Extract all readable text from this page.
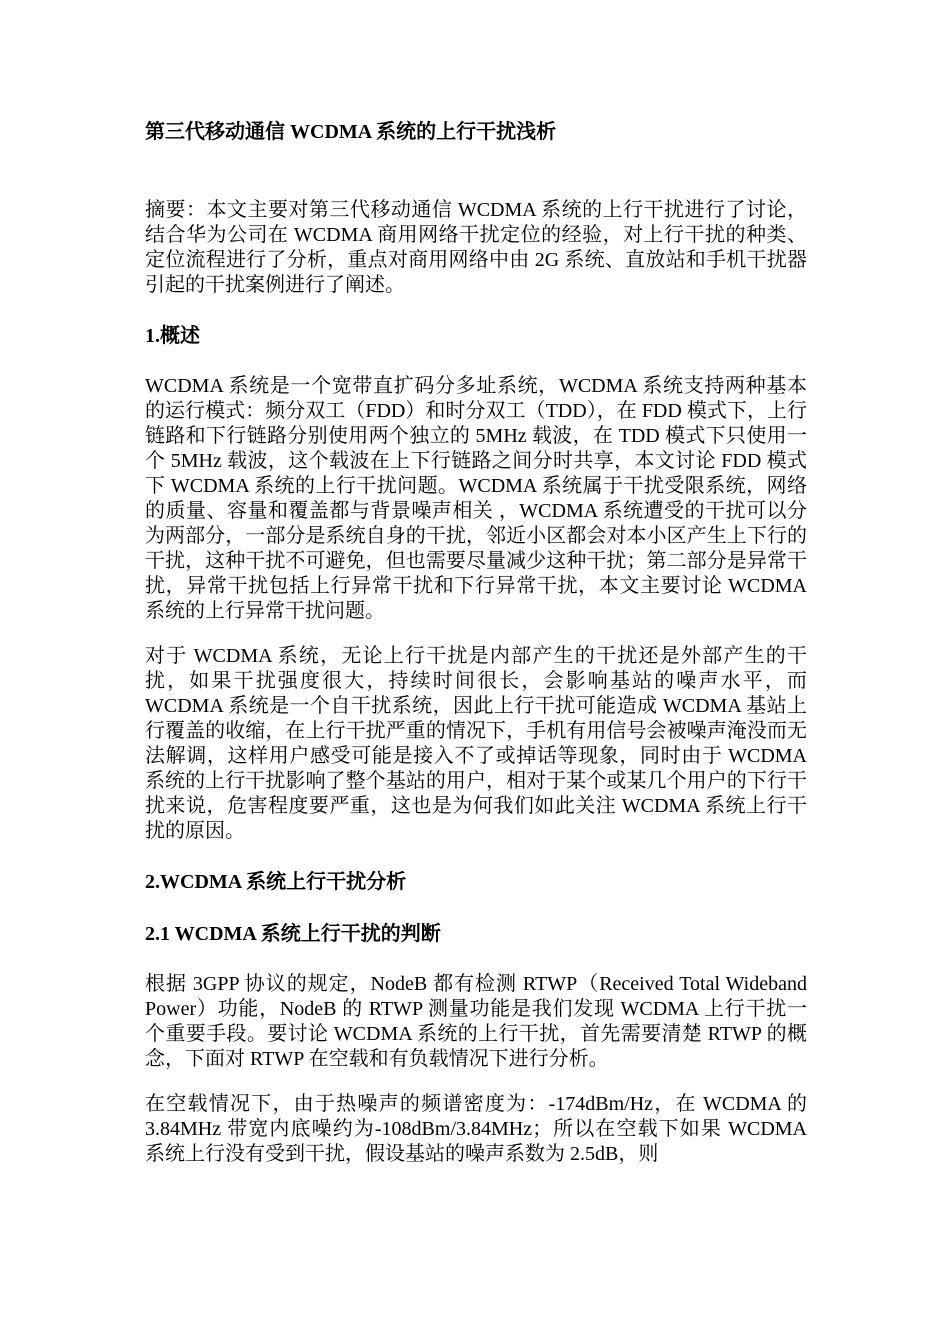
第三代移动通信 WCDMA 系统的上行干扰浅析

摘要：本文主要对第三代移动通信 WCDMA 系统的上行干扰进行了讨论，结合华为公司在 WCDMA 商用网络干扰定位的经验，对上行干扰的种类、定位流程进行了分析，重点对商用网络中由 2G 系统、直放站和手机干扰器引起的干扰案例进行了阐述。

1.概述

WCDMA 系统是一个宽带直扩码分多址系统，WCDMA 系统支持两种基本的运行模式：频分双工（FDD）和时分双工（TDD），在 FDD 模式下，上行链路和下行链路分别使用两个独立的 5MHz 载波，在 TDD 模式下只使用一个 5MHz 载波，这个载波在上下行链路之间分时共享，本文讨论 FDD 模式下 WCDMA 系统的上行干扰问题。WCDMA 系统属于干扰受限系统，网络的质量、容量和覆盖都与背景噪声相关 ，WCDMA 系统遭受的干扰可以分为两部分，一部分是系统自身的干扰，邻近小区都会对本小区产生上下行的干扰，这种干扰不可避免，但也需要尽量减少这种干扰；第二部分是异常干扰，异常干扰包括上行异常干扰和下行异常干扰，本文主要讨论 WCDMA 系统的上行异常干扰问题。

对于 WCDMA 系统，无论上行干扰是内部产生的干扰还是外部产生的干扰，如果干扰强度很大，持续时间很长，会影响基站的噪声水平，而 WCDMA 系统是一个自干扰系统，因此上行干扰可能造成 WCDMA 基站上行覆盖的收缩，在上行干扰严重的情况下，手机有用信号会被噪声淹没而无法解调，这样用户感受可能是接入不了或掉话等现象，同时由于 WCDMA 系统的上行干扰影响了整个基站的用户，相对于某个或某几个用户的下行干扰来说，危害程度要严重，这也是为何我们如此关注 WCDMA 系统上行干扰的原因。

2.WCDMA 系统上行干扰分析
2.1 WCDMA 系统上行干扰的判断

根据 3GPP 协议的规定，NodeB 都有检测 RTWP（Received Total Wideband Power）功能，NodeB 的 RTWP 测量功能是我们发现 WCDMA 上行干扰一个重要手段。要讨论 WCDMA 系统的上行干扰，首先需要清楚 RTWP 的概念，下面对 RTWP 在空载和有负载情况下进行分析。

在空载情况下，由于热噪声的频谱密度为：-174dBm/Hz，在 WCDMA 的 3.84MHz 带宽内底噪约为-108dBm/3.84MHz；所以在空载下如果 WCDMA 系统上行没有受到干扰，假设基站的噪声系数为 2.5dB，则
